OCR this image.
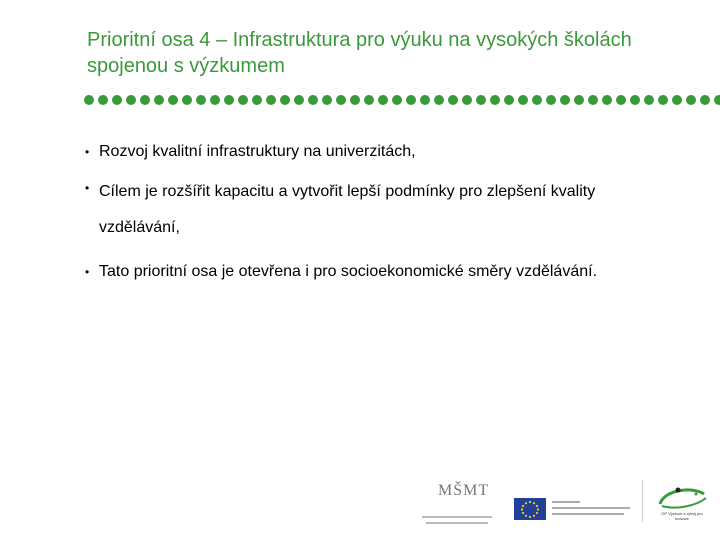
Prioritní osa 4 – Infrastruktura pro výuku na vysokých školách spojenou s výzkumem
• Rozvoj kvalitní infrastruktury na univerzitách,
• Cílem je rozšířit kapacitu a vytvořit lepší podmínky pro zlepšení kvality vzdělávání,
• Tato prioritní osa je otevřena i pro socioekonomické směry vzdělávání.
MŠMT
OP Výzkum a vývoj pro inovace
